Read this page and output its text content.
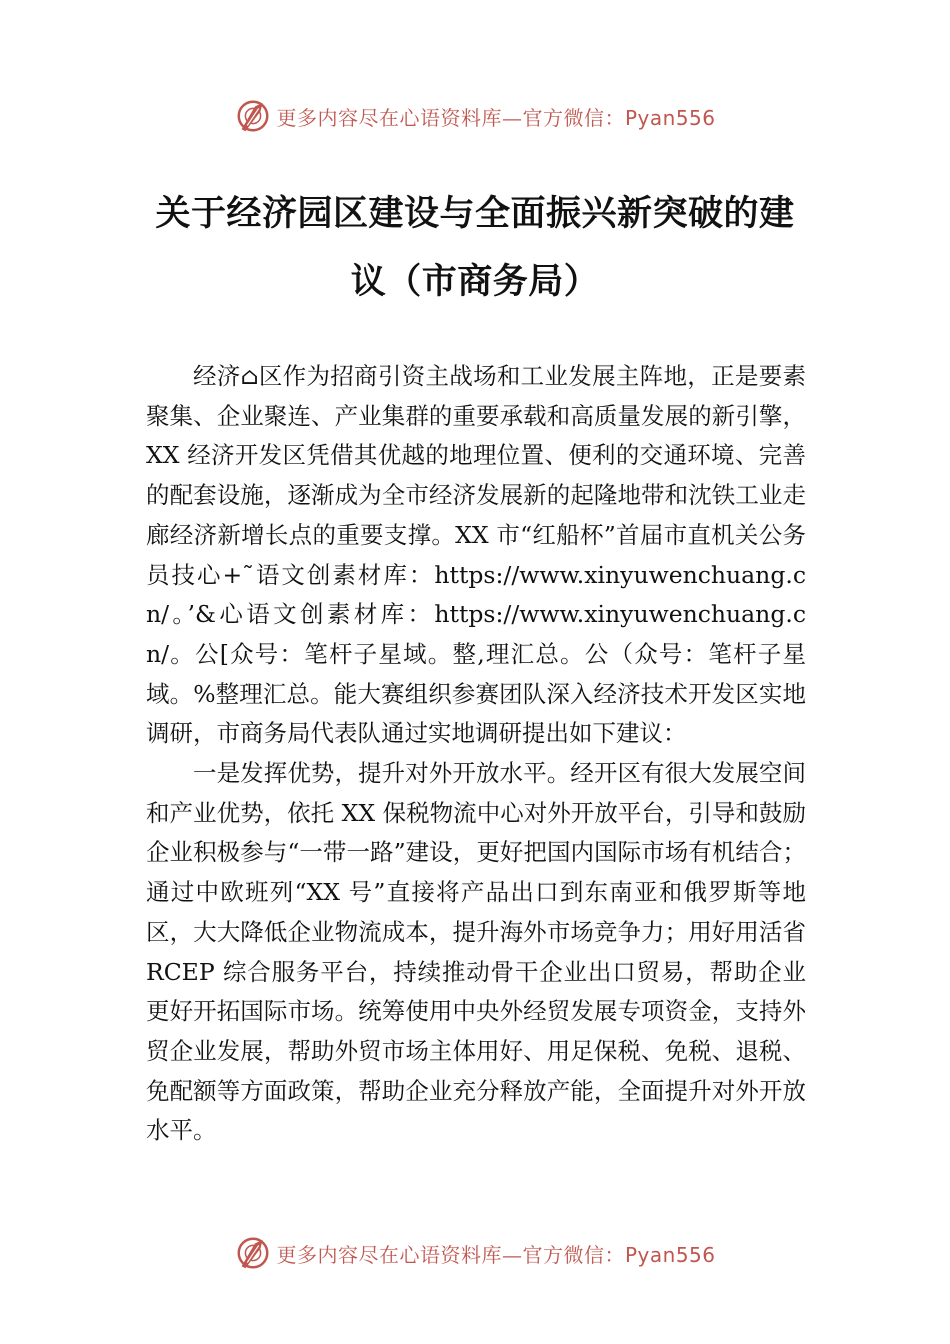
更多内容尽在心语资料库—官方微信：Pyan556
关于经济园区建设与全面振兴新突破的建议（市商务局）

经济⌂区作为招商引资主战场和工业发展主阵地，正是要素聚集、企业聚连、产业集群的重要承载和高质量发展的新引擎，XX 经济开发区凭借其优越的地理位置、便利的交通环境、完善的配套设施，逐渐成为全市经济发展新的起隆地带和沈铁工业走廊经济新增长点的重要支撑。XX 市“红船杯”首届市直机关公务员技心+˜语文创素材库：https://www.xinyuwenchuang.cn/。’&心语文创素材库：https://www.xinyuwenchuang.cn/。公[众号：笔杆子星域。整,理汇总。公（众号：笔杆子星域。%整理汇总。能大赛组织参赛团队深入经济技术开发区实地调研，市商务局代表队通过实地调研提出如下建议：

一是发挥优势，提升对外开放水平。经开区有很大发展空间和产业优势，依托 XX 保税物流中心对外开放平台，引导和鼓励企业积极参与“一带一路”建设，更好把国内国际市场有机结合；通过中欧班列“XX 号”直接将产品出口到东南亚和俄罗斯等地区，大大降低企业物流成本，提升海外市场竞争力；用好用活省 RCEP 综合服务平台，持续推动骨干企业出口贸易，帮助企业更好开拓国际市场。统筹使用中央外经贸发展专项资金，支持外贸企业发展，帮助外贸市场主体用好、用足保税、免税、退税、免配额等方面政策，帮助企业充分释放产能，全面提升对外开放水平。

更多内容尽在心语资料库—官方微信：Pyan556
